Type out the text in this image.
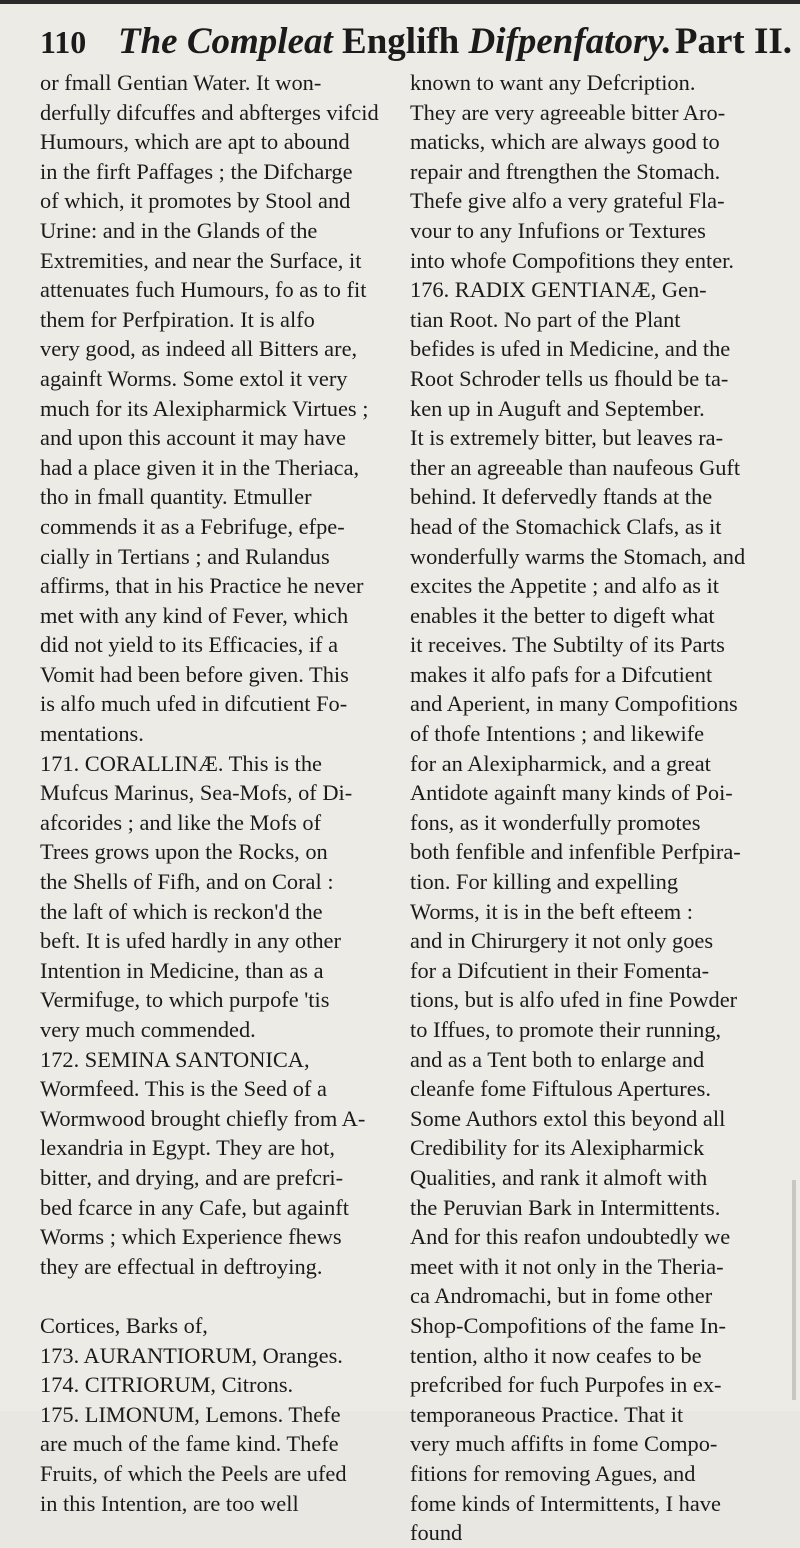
110 The Compleat Englifh Difpenfatory. Part II.
or fmall Gentian Water. It won-
derfully difcuffes and abfterges vifcid
Humours, which are apt to abound
in the firft Paffages ; the Difcharge
of which, it promotes by Stool and
Urine: and in the Glands of the
Extremities, and near the Surface, it
attenuates fuch Humours, fo as to fit
them for Perfpiration. It is alfo
very good, as indeed all Bitters are,
againft Worms. Some extol it very
much for its Alexipharmick Virtues ;
and upon this account it may have
had a place given it in the Theriaca,
tho in fmall quantity. Etmuller
commends it as a Febrifuge, efpe-
cially in Tertians ; and Rulandus
affirms, that in his Practice he never
met with any kind of Fever, which
did not yield to its Efficacies, if a
Vomit had been before given. This
is alfo much ufed in difcutient Fo-
mentations.
171. CORALLINÆ. This is the
Mufcus Marinus, Sea-Mofs, of Di-
afcorides ; and like the Mofs of
Trees grows upon the Rocks, on
the Shells of Fifh, and on Coral :
the laft of which is reckon'd the
beft. It is ufed hardly in any other
Intention in Medicine, than as a
Vermifuge, to which purpofe 'tis
very much commended.
172. SEMINA SANTONICA,
Wormfeed. This is the Seed of a
Wormwood brought chiefly from A-
lexandria in Egypt. They are hot,
bitter, and drying, and are prefcri-
bed fcarce in any Cafe, but againft
Worms ; which Experience fhews
they are effectual in deftroying.
Cortices, Barks of,
173. AURANTIORUM, Oranges.
174. CITRIORUM, Citrons.
175. LIMONUM, Lemons. Thefe
are much of the fame kind. Thefe
Fruits, of which the Peels are ufed
in this Intention, are too well
known to want any Defcription.
They are very agreeable bitter Aro-
maticks, which are always good to
repair and ftrengthen the Stomach.
Thefe give alfo a very grateful Fla-
vour to any Infufions or Textures
into whofe Compofitions they enter.
176. RADIX GENTIANÆ, Gen-
tian Root. No part of the Plant
befides is ufed in Medicine, and the
Root Schroder tells us fhould be ta-
ken up in Auguft and September.
It is extremely bitter, but leaves ra-
ther an agreeable than naufeous Guft
behind. It defervedly ftands at the
head of the Stomachick Clafs, as it
wonderfully warms the Stomach, and
excites the Appetite ; and alfo as it
enables it the better to digeft what
it receives. The Subtilty of its Parts
makes it alfo pafs for a Difcutient
and Aperient, in many Compofitions
of thofe Intentions ; and likewife
for an Alexipharmick, and a great
Antidote againft many kinds of Poi-
fons, as it wonderfully promotes
both fenfible and infenfible Perfpira-
tion. For killing and expelling
Worms, it is in the beft efteem :
and in Chirurgery it not only goes
for a Difcutient in their Fomenta-
tions, but is alfo ufed in fine Powder
to Iffues, to promote their running,
and as a Tent both to enlarge and
cleanfe fome Fiftulous Apertures.
Some Authors extol this beyond all
Credibility for its Alexipharmick
Qualities, and rank it almoft with
the Peruvian Bark in Intermittents.
And for this reafon undoubtedly we
meet with it not only in the Theria-
ca Andromachi, but in fome other
Shop-Compofitions of the fame In-
tention, altho it now ceafes to be
prefcribed for fuch Purpofes in ex-
temporaneous Practice. That it
very much affifts in fome Compo-
fitions for removing Agues, and
fome kinds of Intermittents, I have
found
